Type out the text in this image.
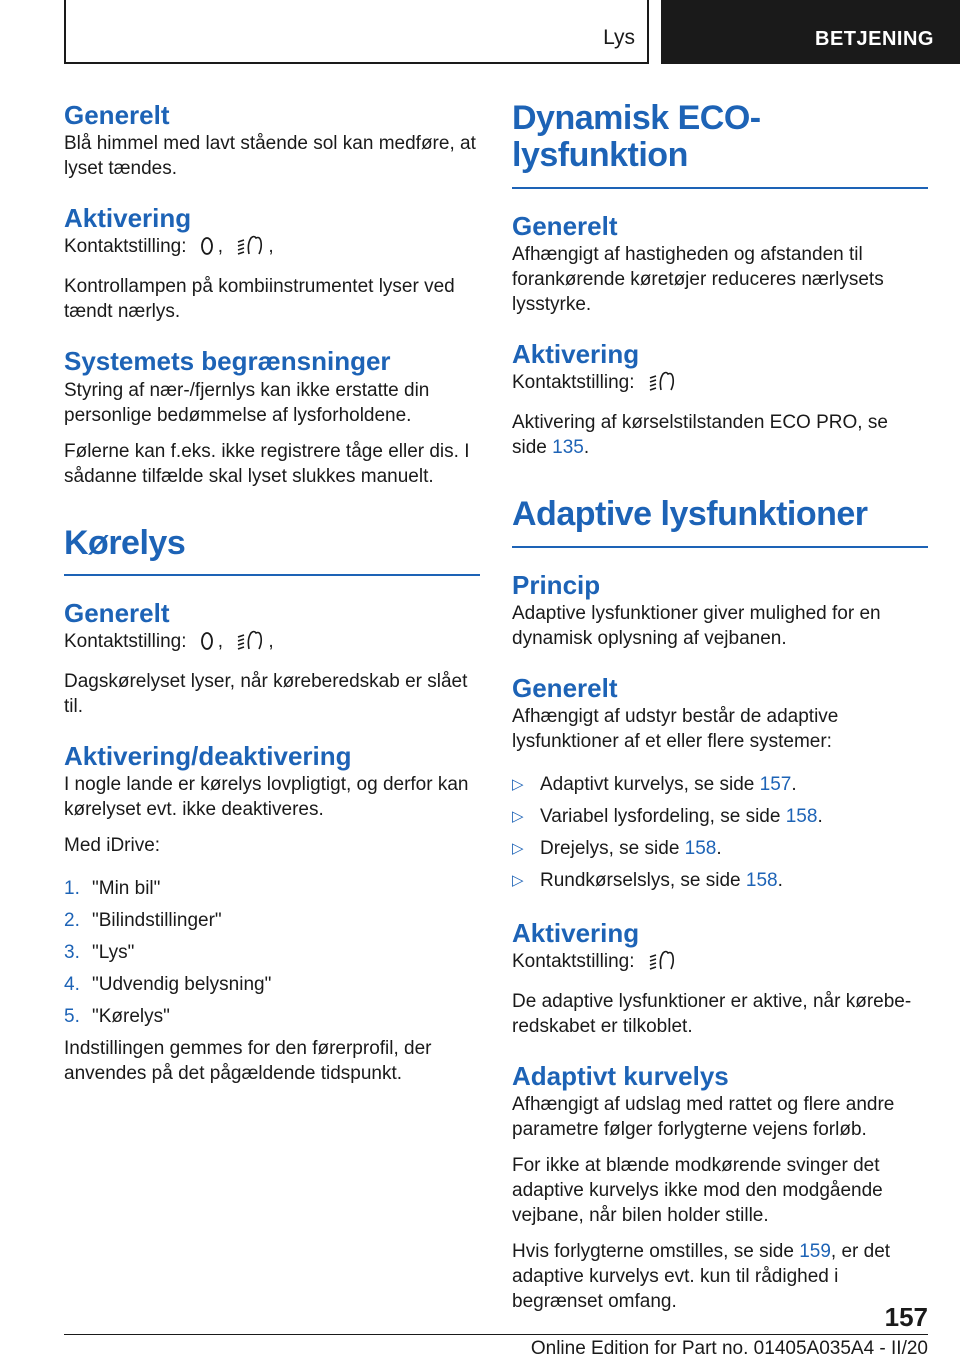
Lys	BETJENING
Generelt

Blå himmel med lavt stående sol kan medføre, at lyset tændes.

Aktivering

Kontaktstilling: , ,

Kontrollampen på kombiinstrumentet lyser ved tændt nærlys.

Systemets begrænsninger

Styring af nær-/fjernlys kan ikke erstatte din personlige bedømmelse af lysforholdene.

Følerne kan f.eks. ikke registrere tåge eller dis. I sådanne tilfælde skal lyset slukkes manuelt.

Kørelys
Generelt

Kontaktstilling: , ,

Dagskørelyset lyser, når køreberedskab er slået til.

Aktivering/deaktivering

I nogle lande er kørelys lovpligtigt, og derfor kan kørelyset evt. ikke deaktiveres.

Med iDrive:

1. "Min bil"
2. "Bilindstillinger"
3. "Lys"
4. "Udvendig belysning"
5. "Kørelys"

Indstillingen gemmes for den førerprofil, der anvendes på det pågældende tidspunkt.

Dynamisk ECO-lysfunktion
Generelt

Afhængigt af hastigheden og afstanden til forankørende køretøjer reduceres nærlysets lysstyrke.

Aktivering

Kontaktstilling:

Aktivering af kørselstilstanden ECO PRO, se side 135.

Adaptive lysfunktioner
Princip

Adaptive lysfunktioner giver mulighed for en dynamisk oplysning af vejbanen.

Generelt

Afhængigt af udstyr består de adaptive lysfunktioner af et eller flere systemer:

▷ Adaptivt kurvelys, se side 157.
▷ Variabel lysfordeling, se side 158.
▷ Drejelys, se side 158.
▷ Rundkørselslys, se side 158.
Aktivering

Kontaktstilling:

De adaptive lysfunktioner er aktive, når køreberedskabet er tilkoblet.

Adaptivt kurvelys

Afhængigt af udslag med rattet og flere andre parametre følger forlygterne vejens forløb.

For ikke at blænde modkørende svinger det adaptive kurvelys ikke mod den modgående vejbane, når bilen holder stille.

Hvis forlygterne omstilles, se side 159, er det adaptive kurvelys evt. kun til rådighed i begrænset omfang.

157
Online Edition for Part no. 01405A035A4 - II/20
